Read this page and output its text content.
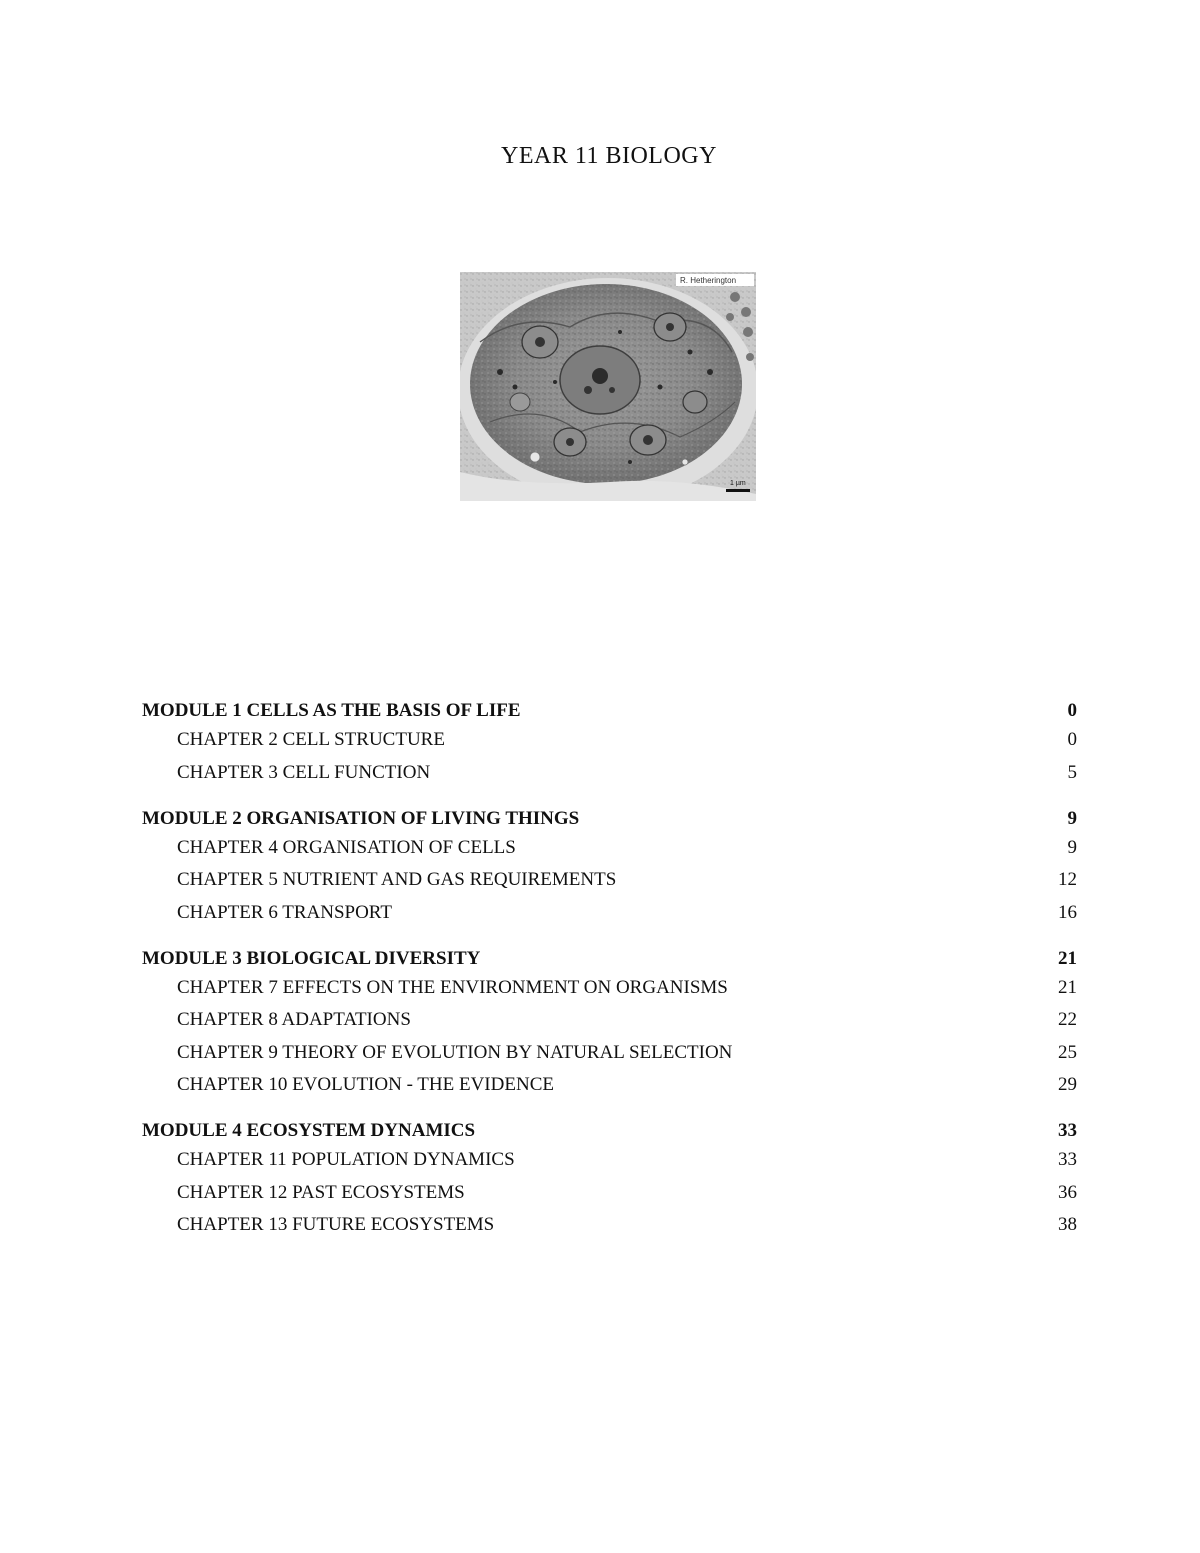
YEAR 11 BIOLOGY
R. Hetherington
1 µm
MODULE 1 CELLS AS THE BASIS OF LIFE	0
CHAPTER 2 CELL STRUCTURE	0
CHAPTER 3 CELL FUNCTION	5
MODULE 2 ORGANISATION OF LIVING THINGS	9
CHAPTER 4 ORGANISATION OF CELLS	9
CHAPTER 5 NUTRIENT AND GAS REQUIREMENTS	12
CHAPTER 6 TRANSPORT	16
MODULE 3 BIOLOGICAL DIVERSITY	21
CHAPTER 7 EFFECTS ON THE ENVIRONMENT ON ORGANISMS	21
CHAPTER 8 ADAPTATIONS	22
CHAPTER 9 THEORY OF EVOLUTION BY NATURAL SELECTION	25
CHAPTER 10 EVOLUTION - THE EVIDENCE	29
MODULE 4 ECOSYSTEM DYNAMICS	33
CHAPTER 11 POPULATION DYNAMICS	33
CHAPTER 12 PAST ECOSYSTEMS	36
CHAPTER 13 FUTURE ECOSYSTEMS	38
